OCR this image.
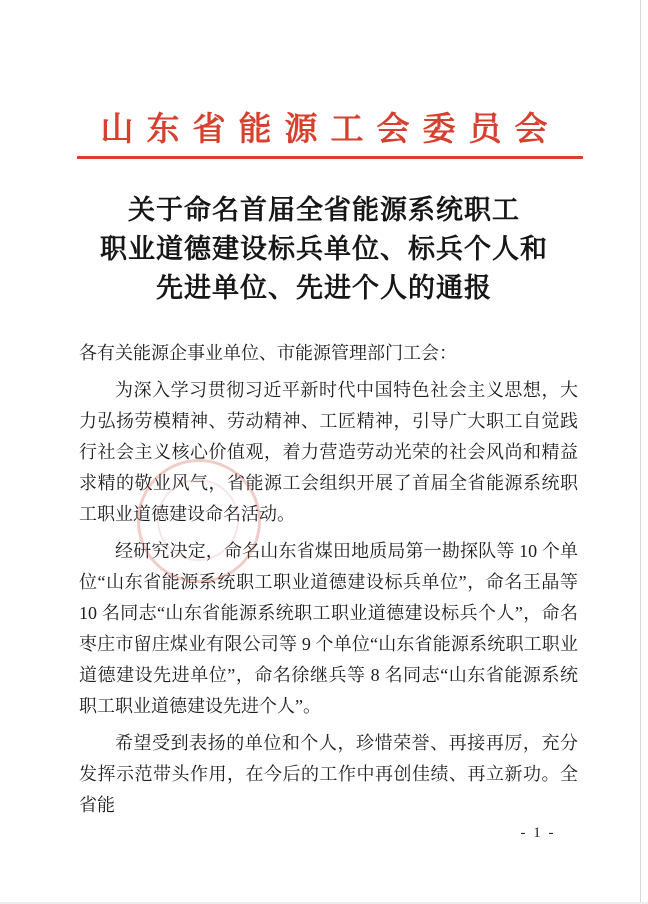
山东省能源工会委员会
关于命名首届全省能源系统职工
职业道德建设标兵单位、标兵个人和
先进单位、先进个人的通报

各有关能源企事业单位、市能源管理部门工会：

为深入学习贯彻习近平新时代中国特色社会主义思想，大力弘扬劳模精神、劳动精神、工匠精神，引导广大职工自觉践行社会主义核心价值观，着力营造劳动光荣的社会风尚和精益求精的敬业风气，省能源工会组织开展了首届全省能源系统职工职业道德建设命名活动。

经研究决定，命名山东省煤田地质局第一勘探队等 10 个单位“山东省能源系统职工职业道德建设标兵单位”，命名王晶等 10 名同志“山东省能源系统职工职业道德建设标兵个人”，命名枣庄市留庄煤业有限公司等 9 个单位“山东省能源系统职工职业道德建设先进单位”，命名徐继兵等 8 名同志“山东省能源系统职工职业道德建设先进个人”。

希望受到表扬的单位和个人，珍惜荣誉、再接再厉，充分发挥示范带头作用，在今后的工作中再创佳绩、再立新功。全省能

- 1 -
